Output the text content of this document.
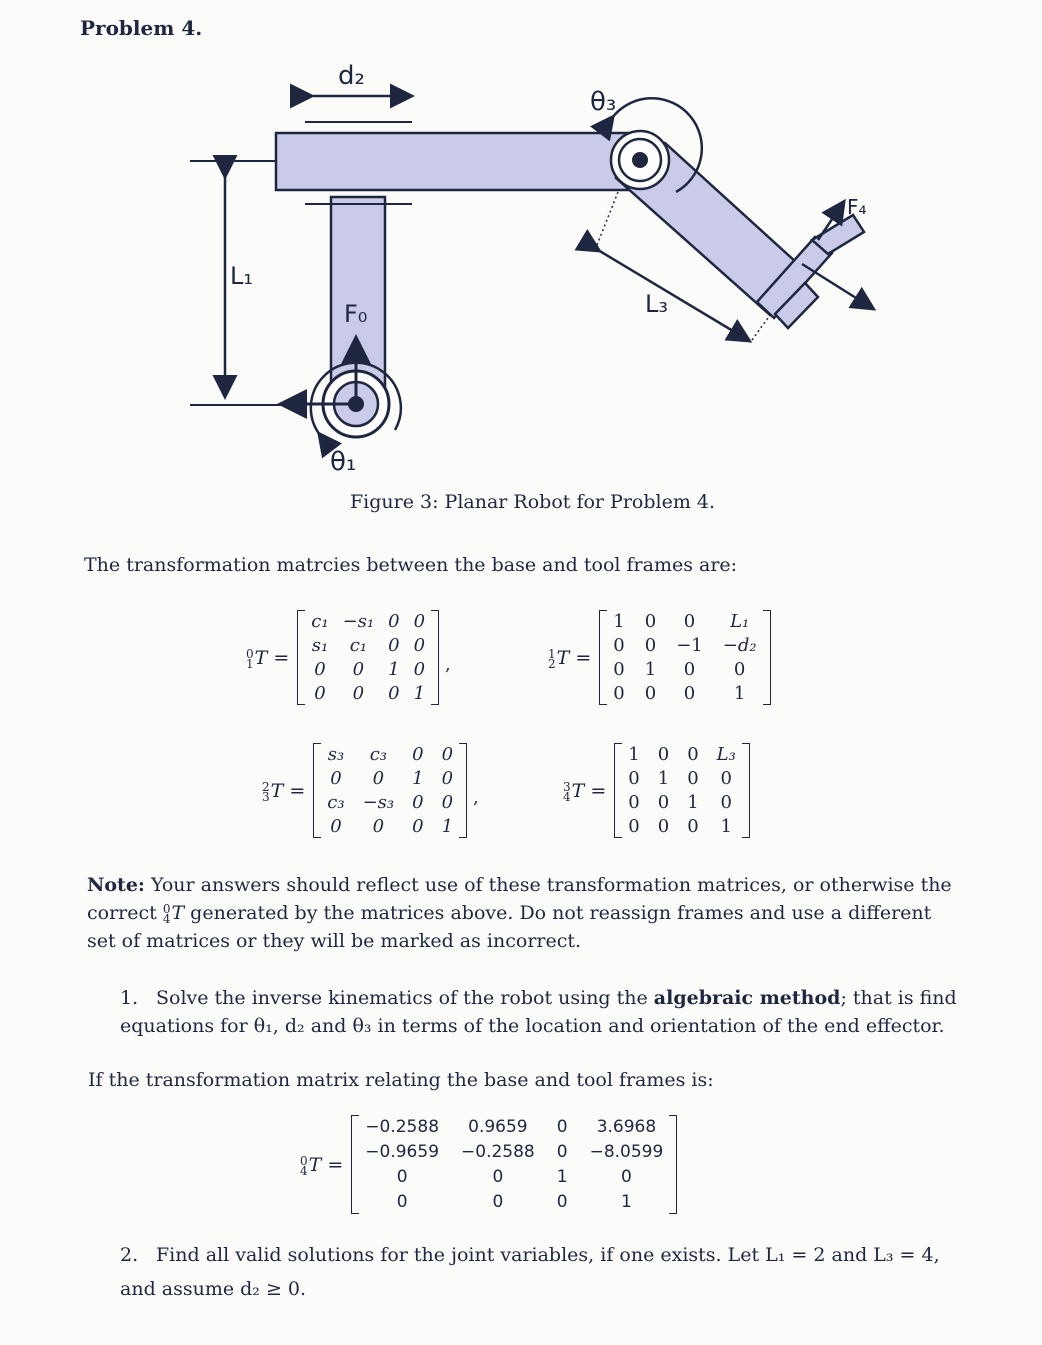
Problem 4.
d₂
θ₃
F₄
L₁
F₀	L₃
θ₁
Figure 3: Planar Robot for Problem 4.
The transformation matrcies between the base and tool frames are:
0
1 T =
c₁ −s₁ 0 0
s₁	c₁	0 0
0	0	1 0
0	0	0 1
,
1
2 T =
1 0	0	L₁
0 0 −1 −d₂
0 1	0	0
0 0	0	1
2
3 T =
s₃	c₃	0 0
0	0	1 0
c₃ −s₃ 0 0
0	0	0 1
,
3
4 T =
1 0 0 L₃
0 1 0 0
0 0 1 0
0 0 0 1
Note: Your answers should reflect use of these transformation matrices, or otherwise the correct 0
4 T generated by the matrices above. Do not reassign frames and use a different set of matrices or they will be marked as incorrect.
1. Solve the inverse kinematics of the robot using the algebraic method; that is find equations for θ₁, d₂ and θ₃ in terms of the location and orientation of the end effector.
If the transformation matrix relating the base and tool frames is:
0
4 T =
−0.2588	0.9659	0	3.6968
−0.9659 −0.2588 0 −8.0599
0	0	1	0
0	0	0	1
2. Find all valid solutions for the joint variables, if one exists. Let L₁ = 2 and L₃ = 4, and assume d₂ ≥ 0.
